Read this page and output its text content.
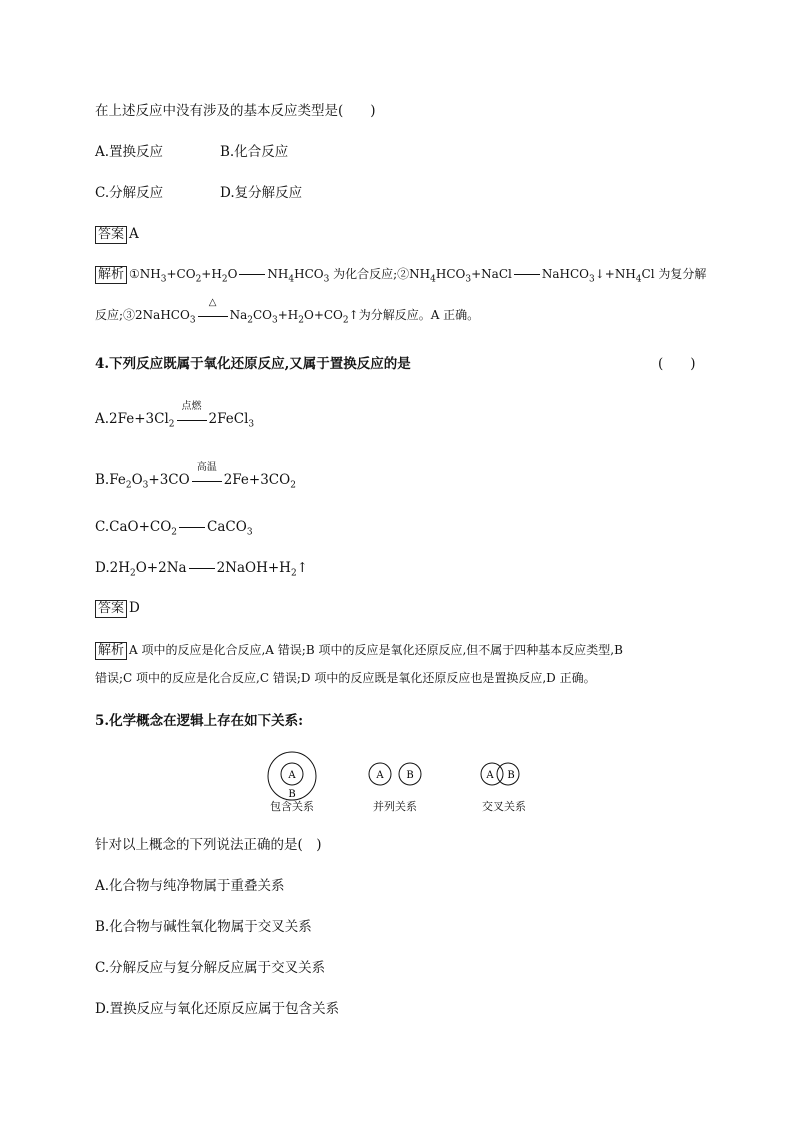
在上述反应中没有涉及的基本反应类型是(　　)
A.置换反应	B.化合反应
C.分解反应	D.复分解反应
答案 A
解析 $①NH_3+CO_2+H_2O$	$NH_4HCO_3$ 为化合反应$;②NH_4HCO_3+NaCl$	$NaHCO_3↓+NH_4Cl$ 为复分解
反应;③2NaHCO$_3$
△
$Na_2CO_3+H_2O+CO_2↑$为分解反应。A 正确。
4.下列反应既属于氧化还原反应,又属于置换反应的是	(　　)
$A.2Fe+3Cl_2$
点燃
2FeCl$_3$
$B.Fe_2O_3+3CO$
高温
$2Fe+3CO_2$
$C.CaO+CO_2$ CaCO$_3$
$D.2H_2O+2Na$ $2NaOH+H_2↑$
答案 D
解析 A 项中的反应是化合反应,A 错误;B 项中的反应是氧化还原反应,但不属于四种基本反应类型,B
错误;C 项中的反应是化合反应,C 错误;D 项中的反应既是氧化还原反应也是置换反应,D 正确。
5.化学概念在逻辑上存在如下关系:
A
B
包含关系
A B
并列关系
A B
交叉关系
针对以上概念的下列说法正确的是(　)
A.化合物与纯净物属于重叠关系
B.化合物与碱性氧化物属于交叉关系
C.分解反应与复分解反应属于交叉关系
D.置换反应与氧化还原反应属于包含关系
